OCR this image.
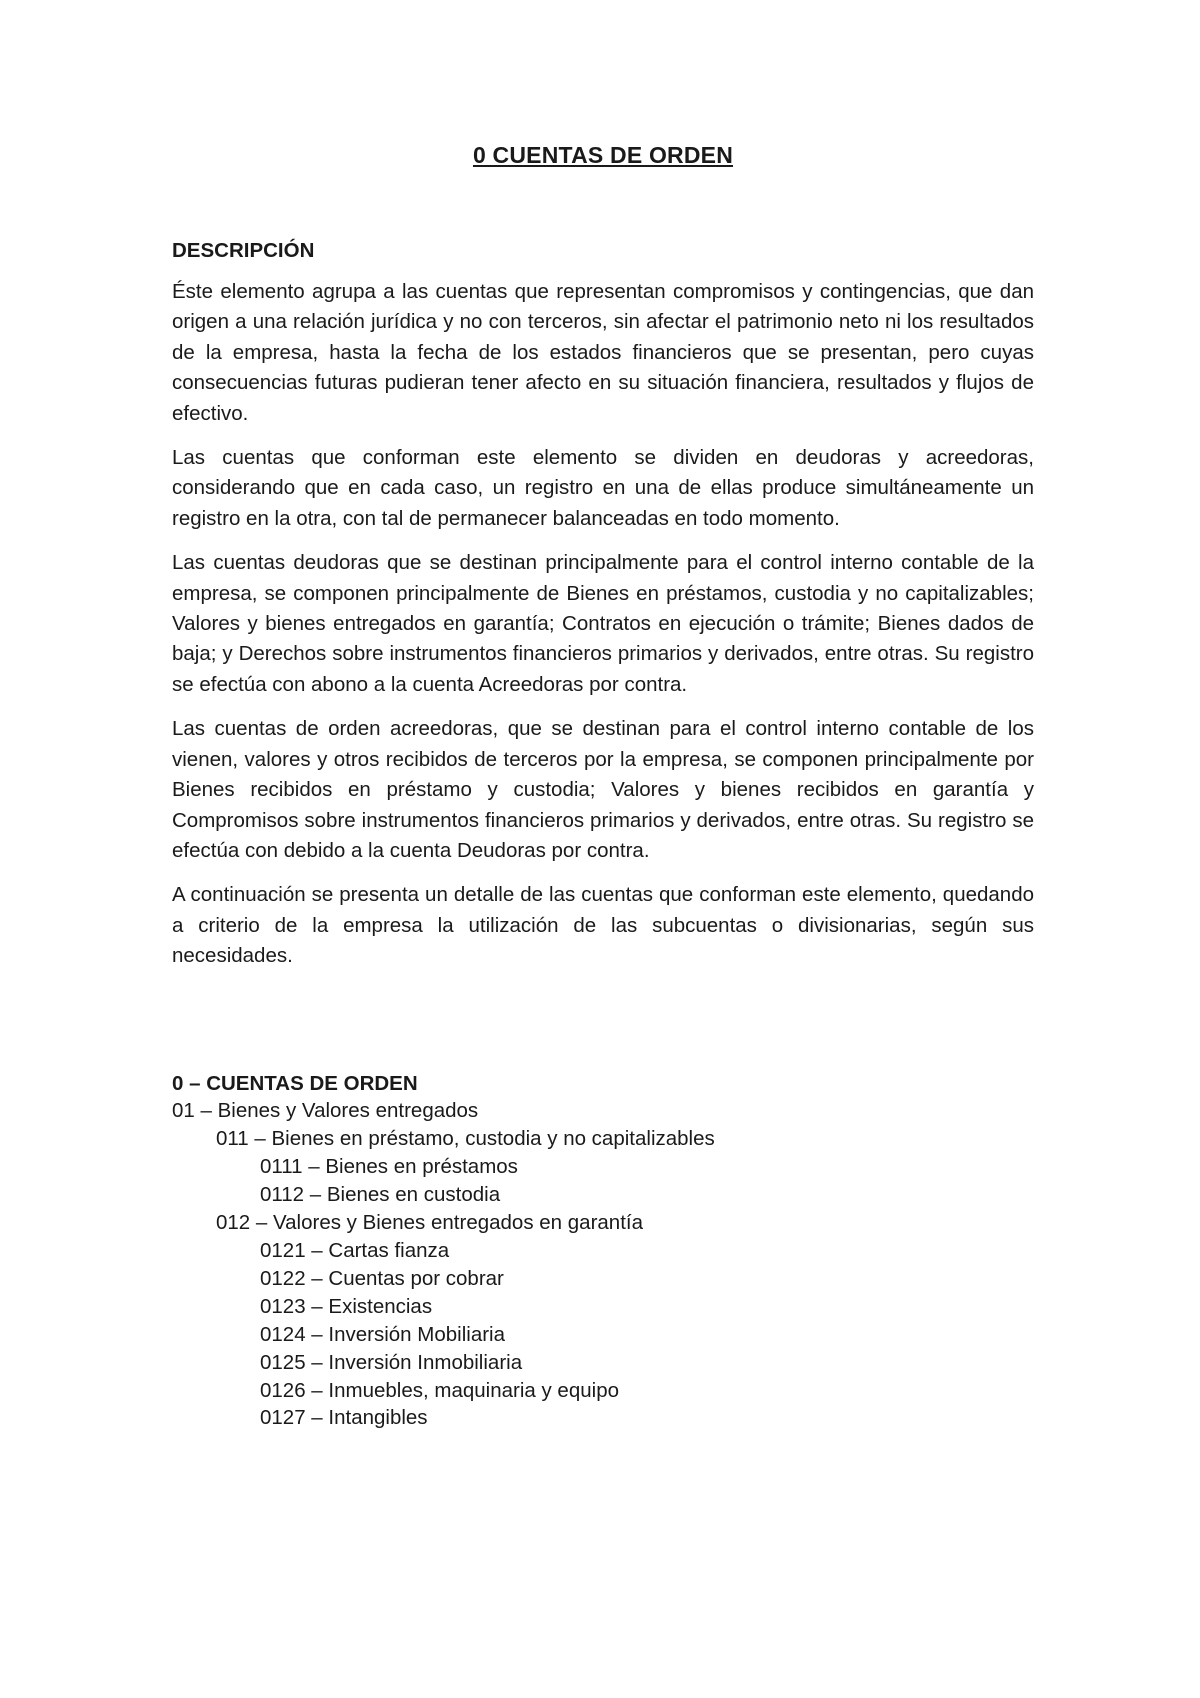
0 CUENTAS DE ORDEN
DESCRIPCIÓN

Éste elemento agrupa a las cuentas que representan compromisos y contingencias, que dan origen a una relación jurídica y no con terceros, sin afectar el patrimonio neto ni los resultados de la empresa, hasta la fecha de los estados financieros que se presentan, pero cuyas consecuencias futuras pudieran tener afecto en su situación financiera, resultados y flujos de efectivo.

Las cuentas que conforman este elemento se dividen en deudoras y acreedoras, considerando que en cada caso, un registro en una de ellas produce simultáneamente un registro en la otra, con tal de permanecer balanceadas en todo momento.

Las cuentas deudoras que se destinan principalmente para el control interno contable de la empresa, se componen principalmente de Bienes en préstamos, custodia y no capitalizables; Valores y bienes entregados en garantía; Contratos en ejecución o trámite; Bienes dados de baja; y Derechos sobre instrumentos financieros primarios y derivados, entre otras. Su registro se efectúa con abono a la cuenta Acreedoras por contra.

Las cuentas de orden acreedoras, que se destinan para el control interno contable de los vienen, valores y otros recibidos de terceros por la empresa, se componen principalmente por Bienes recibidos en préstamo y custodia; Valores y bienes recibidos en garantía y Compromisos sobre instrumentos financieros primarios y derivados, entre otras. Su registro se efectúa con debido a la cuenta Deudoras por contra.

A continuación se presenta un detalle de las cuentas que conforman este elemento, quedando a criterio de la empresa la utilización de las subcuentas o divisionarias, según sus necesidades.

0 – CUENTAS DE ORDEN
01 – Bienes y Valores entregados
011 – Bienes en préstamo, custodia y no capitalizables
0111 – Bienes en préstamos
0112 – Bienes en custodia
012 – Valores y Bienes entregados en garantía
0121 – Cartas fianza
0122 – Cuentas por cobrar
0123 – Existencias
0124 – Inversión Mobiliaria
0125 – Inversión Inmobiliaria
0126 – Inmuebles, maquinaria y equipo
0127 – Intangibles
